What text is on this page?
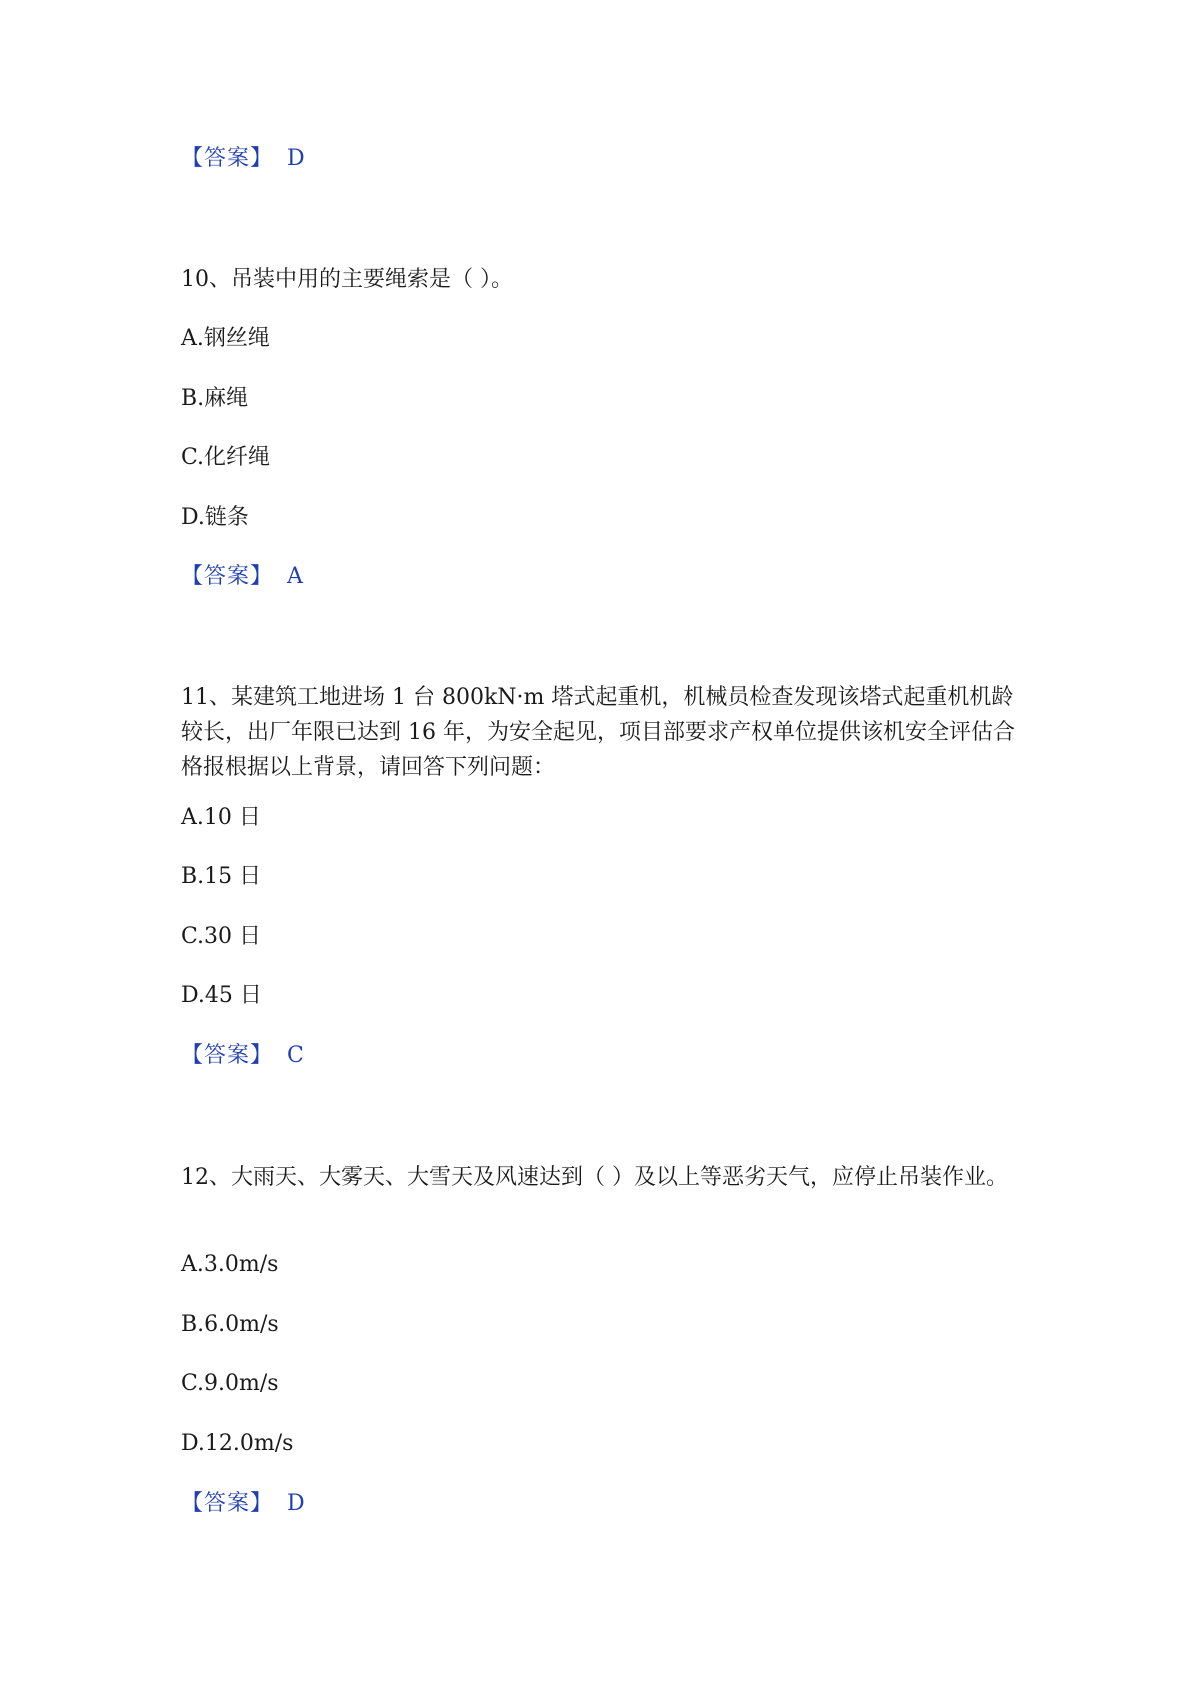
【答案】 D
10、吊装中用的主要绳索是（ ）。
A.钢丝绳
B.麻绳
C.化纤绳
D.链条
【答案】 A
11、某建筑工地进场 1 台 800kN·m 塔式起重机，机械员检查发现该塔式起重机机龄较长，出厂年限已达到 16 年，为安全起见，项目部要求产权单位提供该机安全评估合格报根据以上背景，请回答下列问题：
A.10 日
B.15 日
C.30 日
D.45 日
【答案】 C
12、大雨天、大雾天、大雪天及风速达到（ ）及以上等恶劣天气，应停止吊装作业。
A.3.0m/s
B.6.0m/s
C.9.0m/s
D.12.0m/s
【答案】 D
